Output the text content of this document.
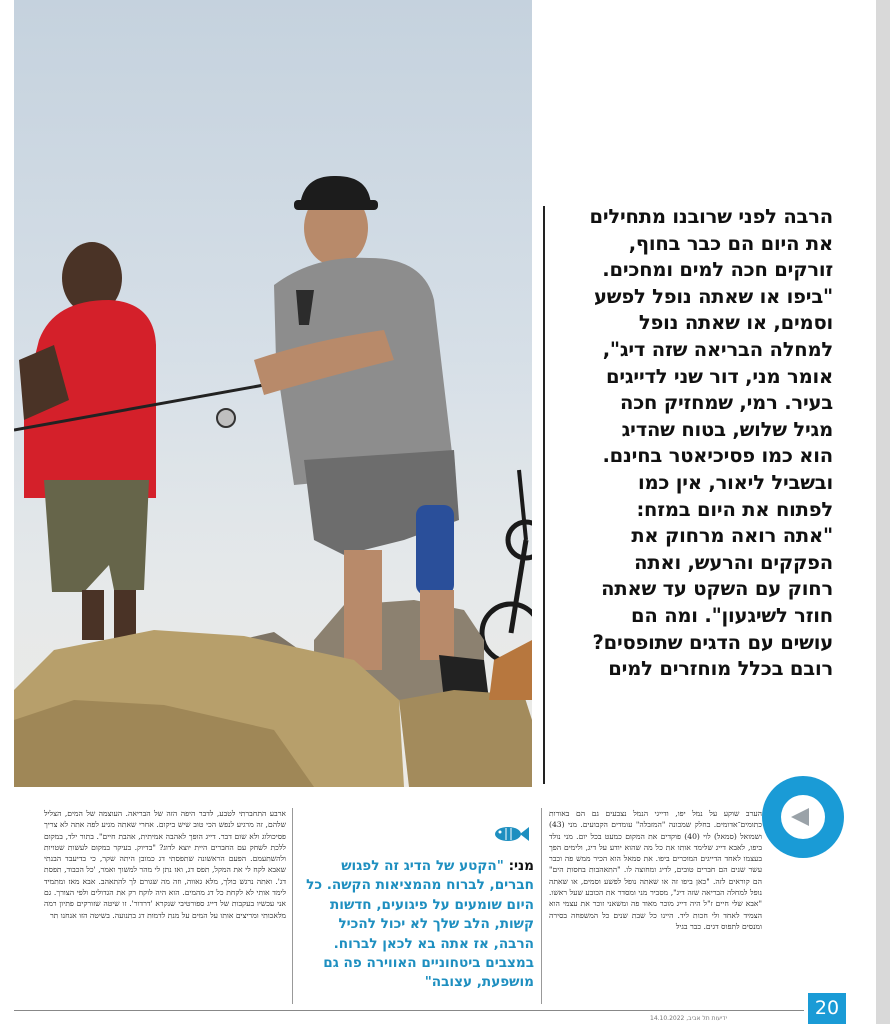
הרבה לפני שרובנו מתחילים
את היום הם כבר בחוף,
זורקים חכה למים ומחכים.
"ביפו או שאתה נופל לפשע
וסמים, או שאתה נופל
למחלה הבריאה שזה דיג",
אומר מני, דור שני לדייגים
בעיר. רמי, שמחזיק חכה
מגיל שלוש, בטוח שהדיג
הוא כמו פסיכיאטר בחינם.
ובשביל ליאור, אין כמו
לפתוח את היום במזח:
"אתה רואה מרחוק את
הפקקים והרעש, ואתה
רחוק עם השקט עד שאתה
חוזר לשיגעון". ומה הם
עושים עם הדגים שתופסים?
רובם בכלל מוחזרים למים
הערב שוקע על נמל יפו, ודייגי הנמל נצבעים גם הם באורות כתומים־אדומים. בחלק שמכונה "המזבלה" עומדים הקבועים. מני (43) ושמואל (סמאל) לוי (40) פוקדים את המקום כמעט בכל יום. מני נולד ביפו, לאבא דייג שלימד אותו את כל מה שהוא יודע על דיג, ולימים הפך בעצמו לאחד הדייגים המוכרים ביפו. את סמאל הוא הכיר ממש פה וכבר עשר שנים הם חברים טובים, לדיג ומחוצה לו. "התאהבות בחסות הים" הם קוראים לזה. "כאן ביפו זה או שאתה נופל לפשע וסמים, או שאתה נופל למחלה הבריאה שזה דיג", מסביר מני ומסדר את הכובע שעל ראשו. "אבא שלי חיים ז"ל היה דייג מוכר מאוד פה ומשאני זוכר את עצמי הוא הצמיד לאחד ולי חכות ליד. היינו כל שבת שנים כל המשפחה בסירה ומנסים לתפוס דגים. כבר בגיל
מני: "הקטע של הדיג זה לפגוש חברים, לברוח מהמציאות הקשה. כל היום שומעים על פיגועים, חדשות קשות, הלב שלך לא יכול להכיל הרבה, אז אתה בא לכאן לברוח. במצבים ביטחוניים האווירה פה גם מושפעת, עצובה"
ארבע התחברתי לטבע, לדבר היפה הזה של הבריאה. העוצמה של המים, הצליל שלהם, זה מרגיע לנפש הכי טוב שיש ביקום. אחרי שאתה מגיע לפה אתה לא צריך פסיכולוג ולא שום דבר. דייג הופך לאהבה אמיתית, אהבת חיים". בתור ילד, במקום ללכת לשחק עם החברים היית יוצא לדוג? "בדיוק. בעיקר במקום לעשות שטויות ולהשתעמם. הפעם הראשונה שתפסתי דג כמובן היתה שקר, כי בדיעבד הבנתי שאבא לקח לי את המקל, תפס דג, ואז נתן לי מהר למשוך ואמר, 'כל הכבוד, תפסת דג'. ואתה נרגש כולך, מלא גאווה, וזה מה שגורם לך להתאהב. אבא מאז ומתמיד לימד אותי לא לקחת כל דג מהמים. הוא היה לוקח רק את הגדולים ולפי הצורך. גם אני עכשיו בעקבות של דייג ספורטיבי שנקרא 'דרדור'. זו שיטה שזורקים פתיון רמה מלאכותי ומריצים אותו על המים על מנת לדמות דג בתנועה. בשיטה הזו אנחנו תר
ידיעות תל אביב, 14.10.2022	20
